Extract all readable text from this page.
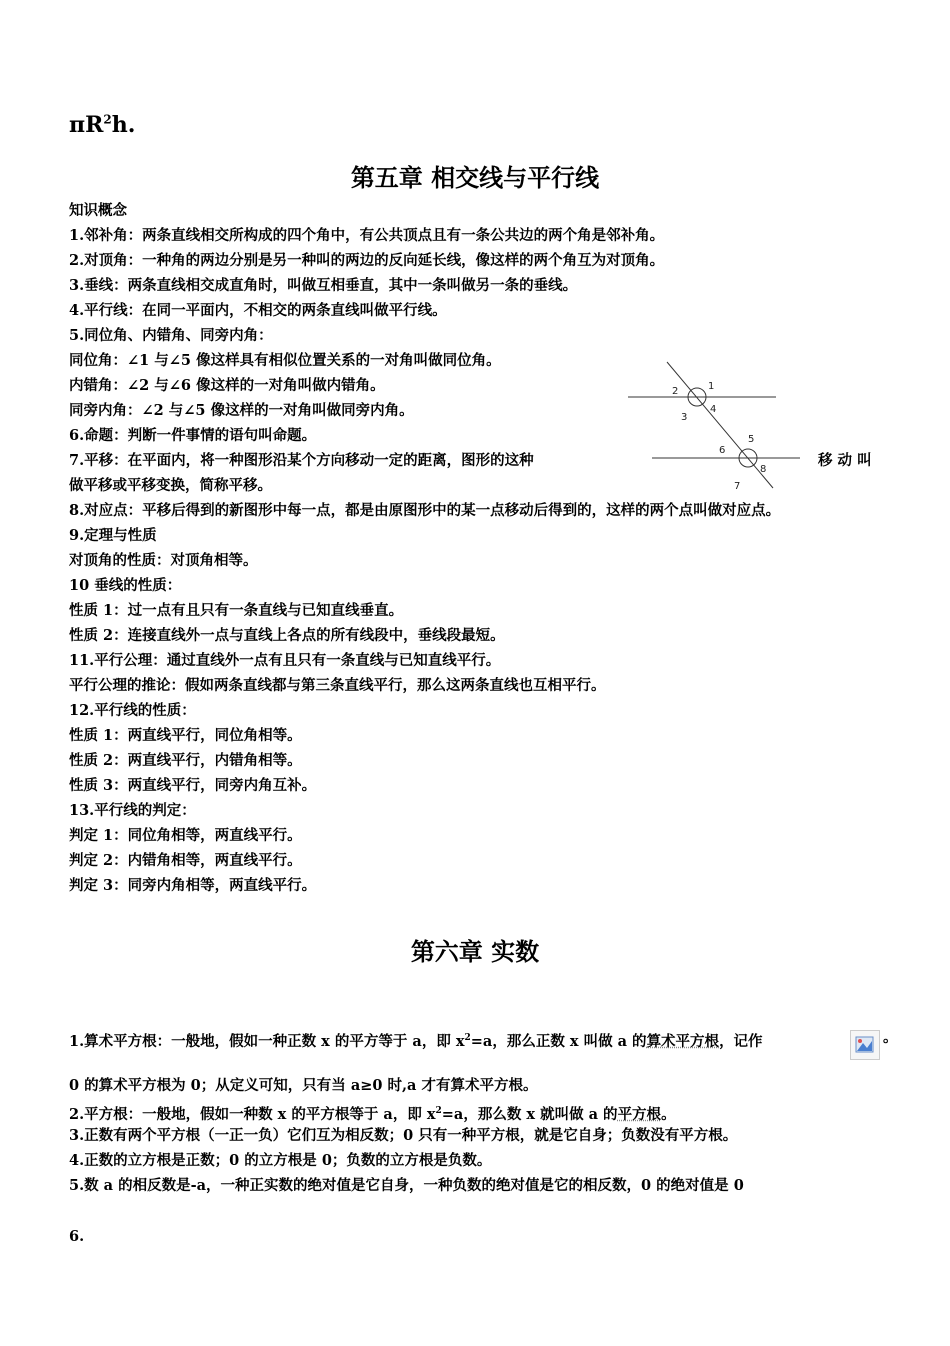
$\pi R^2h$.
第五章 相交线与平行线
知识概念
1.邻补角：两条直线相交所构成的四个角中，有公共顶点且有一条公共边的两个角是邻补角。
2.对顶角：一种角的两边分别是另一种叫的两边的反向延长线，像这样的两个角互为对顶角。
3.垂线：两条直线相交成直角时，叫做互相垂直，其中一条叫做另一条的垂线。
4.平行线：在同一平面内，不相交的两条直线叫做平行线。
5.同位角、内错角、同旁内角：
同位角：∠1 与∠5 像这样具有相似位置关系的一对角叫做同位角。
内错角：∠2 与∠6 像这样的一对角叫做内错角。
同旁内角：∠2 与∠5 像这样的一对角叫做同旁内角。
6.命题：判断一件事情的语句叫命题。
7.平移：在平面内，将一种图形沿某个方向移动一定的距离，图形的这种	移 动 叫
做平移或平移变换，简称平移。
8.对应点：平移后得到的新图形中每一点，都是由原图形中的某一点移动后得到的，这样的两个点叫做对应点。
9.定理与性质
对顶角的性质：对顶角相等。
10 垂线的性质：
性质 1：过一点有且只有一条直线与已知直线垂直。
性质 2：连接直线外一点与直线上各点的所有线段中，垂线段最短。
11.平行公理：通过直线外一点有且只有一条直线与已知直线平行。
平行公理的推论：假如两条直线都与第三条直线平行，那么这两条直线也互相平行。
12.平行线的性质：
性质 1：两直线平行，同位角相等。
性质 2：两直线平行，内错角相等。
性质 3：两直线平行，同旁内角互补。
13.平行线的判定：
判定 1：同位角相等，两直线平行。
判定 2：内错角相等，两直线平行。
判定 3：同旁内角相等，两直线平行。
1
2
3
4
5
6
7
8
第六章 实数
1.算术平方根：一般地，假如一种正数 x 的平方等于 a，即 $x^2=a$，那么正数 x 叫做 a 的算术平方根，记作	。
0 的算术平方根为 0；从定义可知，只有当 a≥0 时,a 才有算术平方根。
2.平方根：一般地，假如一种数 x 的平方根等于 a，即 $x^2=a$，那么数 x 就叫做 a 的平方根。
3.正数有两个平方根（一正一负）它们互为相反数；0 只有一种平方根，就是它自身；负数没有平方根。
4.正数的立方根是正数；0 的立方根是 0；负数的立方根是负数。
5.数 a 的相反数是-a，一种正实数的绝对值是它自身，一种负数的绝对值是它的相反数，0 的绝对值是 0
6.
